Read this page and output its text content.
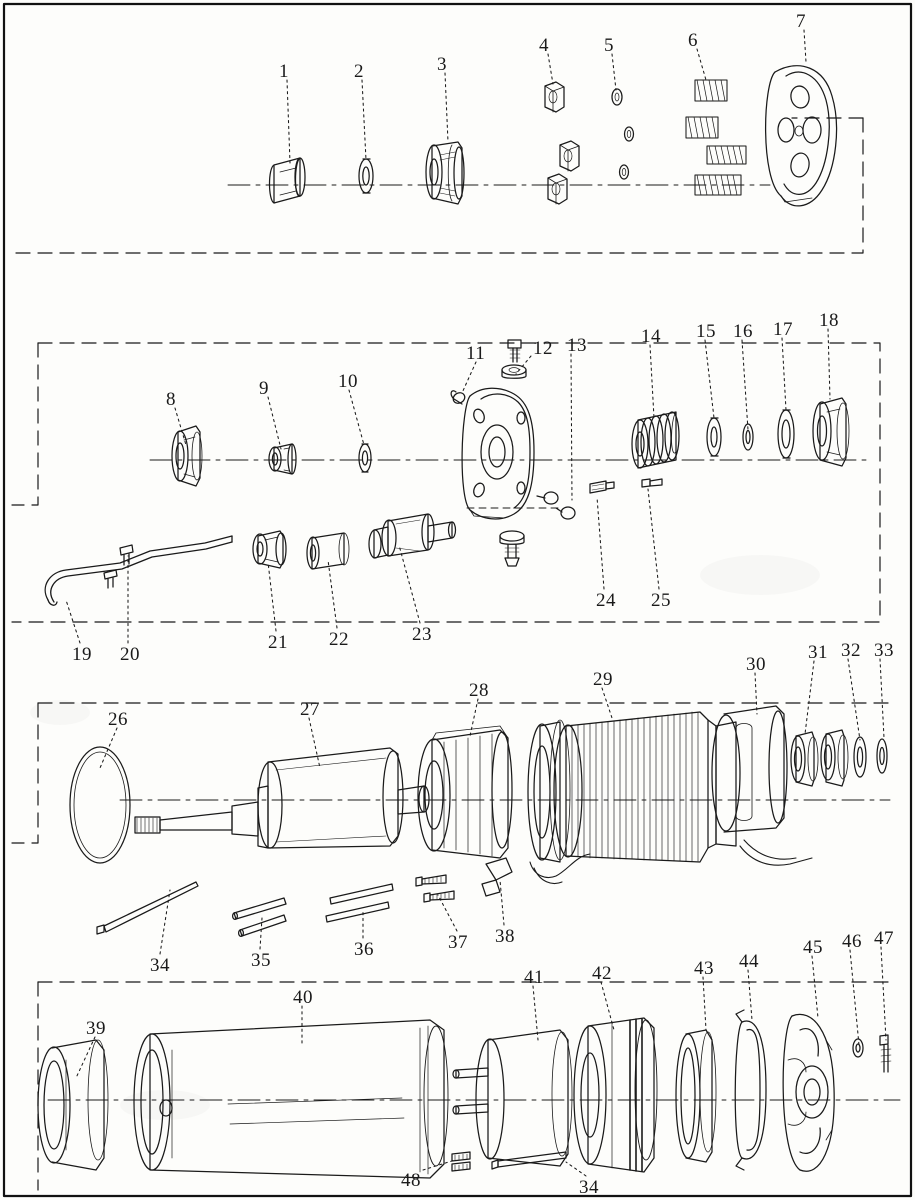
1	2	3
4	5	6
7
8
9	10
11	12 13	14 15 16 17 18
19 20
21 22	23
24 25
26	27
28
29
30
31 32 33
34	35
36	37 38
39
40
41	42	43 44
45 46 47
48	34
